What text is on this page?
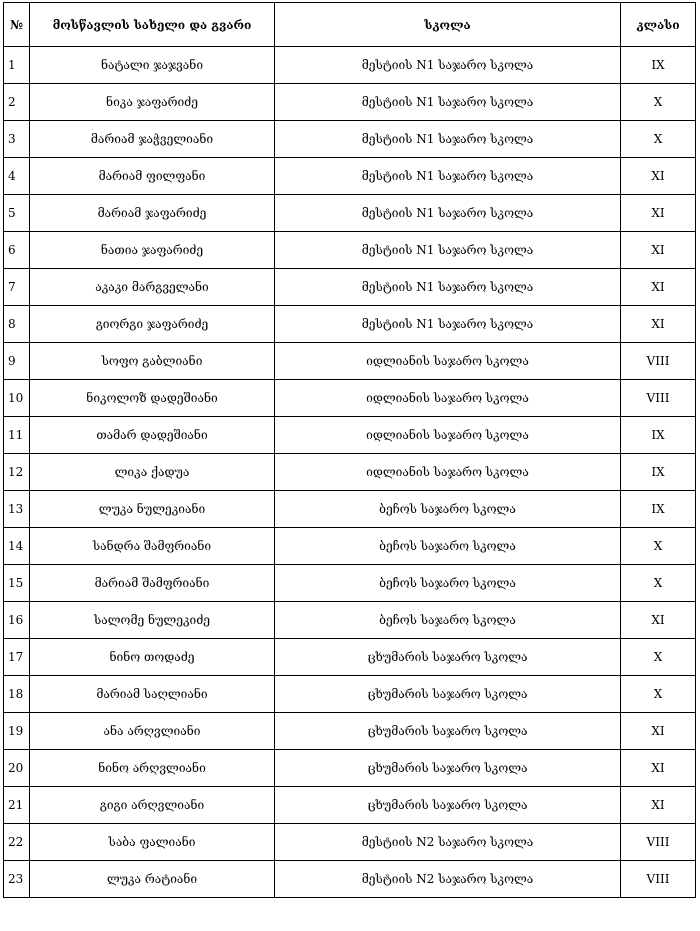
№	მოსწავლის სახელი და გვარი	სკოლა	კლასი
1	ნატალი ჯაჯვანი	მესტიის N1 საჯარო სკოლა	IX
2	ნიკა ჯაფარიძე	მესტიის N1 საჯარო სკოლა	X
3	მარიამ ჯაჭველიანი	მესტიის N1 საჯარო სკოლა	X
4	მარიამ ფილფანი	მესტიის N1 საჯარო სკოლა	XI
5	მარიამ ჯაფარიძე	მესტიის N1 საჯარო სკოლა	XI
6	ნათია ჯაფარიძე	მესტიის N1 საჯარო სკოლა	XI
7	აკაკი მარგველანი	მესტიის N1 საჯარო სკოლა	XI
8	გიორგი ჯაფარიძე	მესტიის N1 საჯარო სკოლა	XI
9	სოფო გაბლიანი	იდლიანის საჯარო სკოლა	VIII
10	ნიკოლოზ დადეშიანი	იდლიანის საჯარო სკოლა	VIII
11	თამარ დადეშიანი	იდლიანის საჯარო სკოლა	IX
12	ლიკა ქადუა	იდლიანის საჯარო სკოლა	IX
13	ლუკა ნულეკიანი	ბეჩოს საჯარო სკოლა	IX
14	სანდრა შამფრიანი	ბეჩოს საჯარო სკოლა	X
15	მარიამ შამფრიანი	ბეჩოს საჯარო სკოლა	X
16	სალომე ნულეკიძე	ბეჩოს საჯარო სკოლა	XI
17	ნინო თოდაძე	ცხუმარის საჯარო სკოლა	X
18	მარიამ საღლიანი	ცხუმარის საჯარო სკოლა	X
19	ანა არღვლიანი	ცხუმარის საჯარო სკოლა	XI
20	ნინო არღვლიანი	ცხუმარის საჯარო სკოლა	XI
21	გიგი არღვლიანი	ცხუმარის საჯარო სკოლა	XI
22	საბა ფალიანი	მესტიის N2 საჯარო სკოლა	VIII
23	ლუკა რატიანი	მესტიის N2 საჯარო სკოლა	VIII
